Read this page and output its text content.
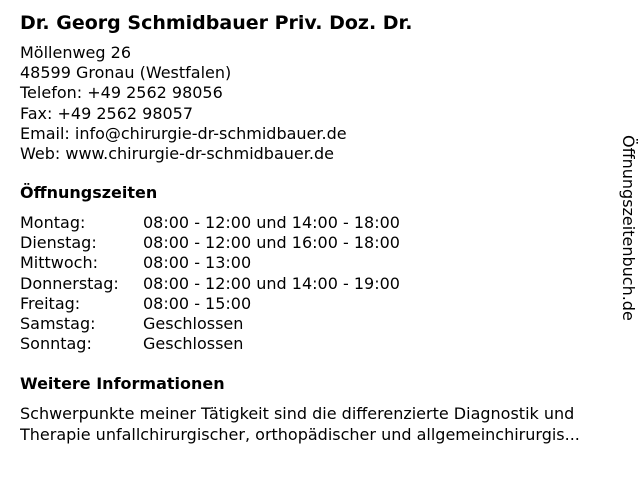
Dr. Georg Schmidbauer Priv. Doz. Dr.
Möllenweg 26
48599 Gronau (Westfalen)
Telefon: +49 2562 98056
Fax: +49 2562 98057
Email: info@chirurgie-dr-schmidbauer.de
Web: www.chirurgie-dr-schmidbauer.de
Öffnungszeiten
Montag:	08:00 - 12:00 und 14:00 - 18:00
Dienstag:	08:00 - 12:00 und 16:00 - 18:00
Mittwoch:	08:00 - 13:00
Donnerstag:	08:00 - 12:00 und 14:00 - 19:00
Freitag:	08:00 - 15:00
Samstag:	Geschlossen
Sonntag:	Geschlossen
Weitere Informationen
Schwerpunkte meiner Tätigkeit sind die differenzierte Diagnostik und
Therapie unfallchirurgischer, orthopädischer und allgemeinchirurgis...
Öffnungszeitenbuch.de
